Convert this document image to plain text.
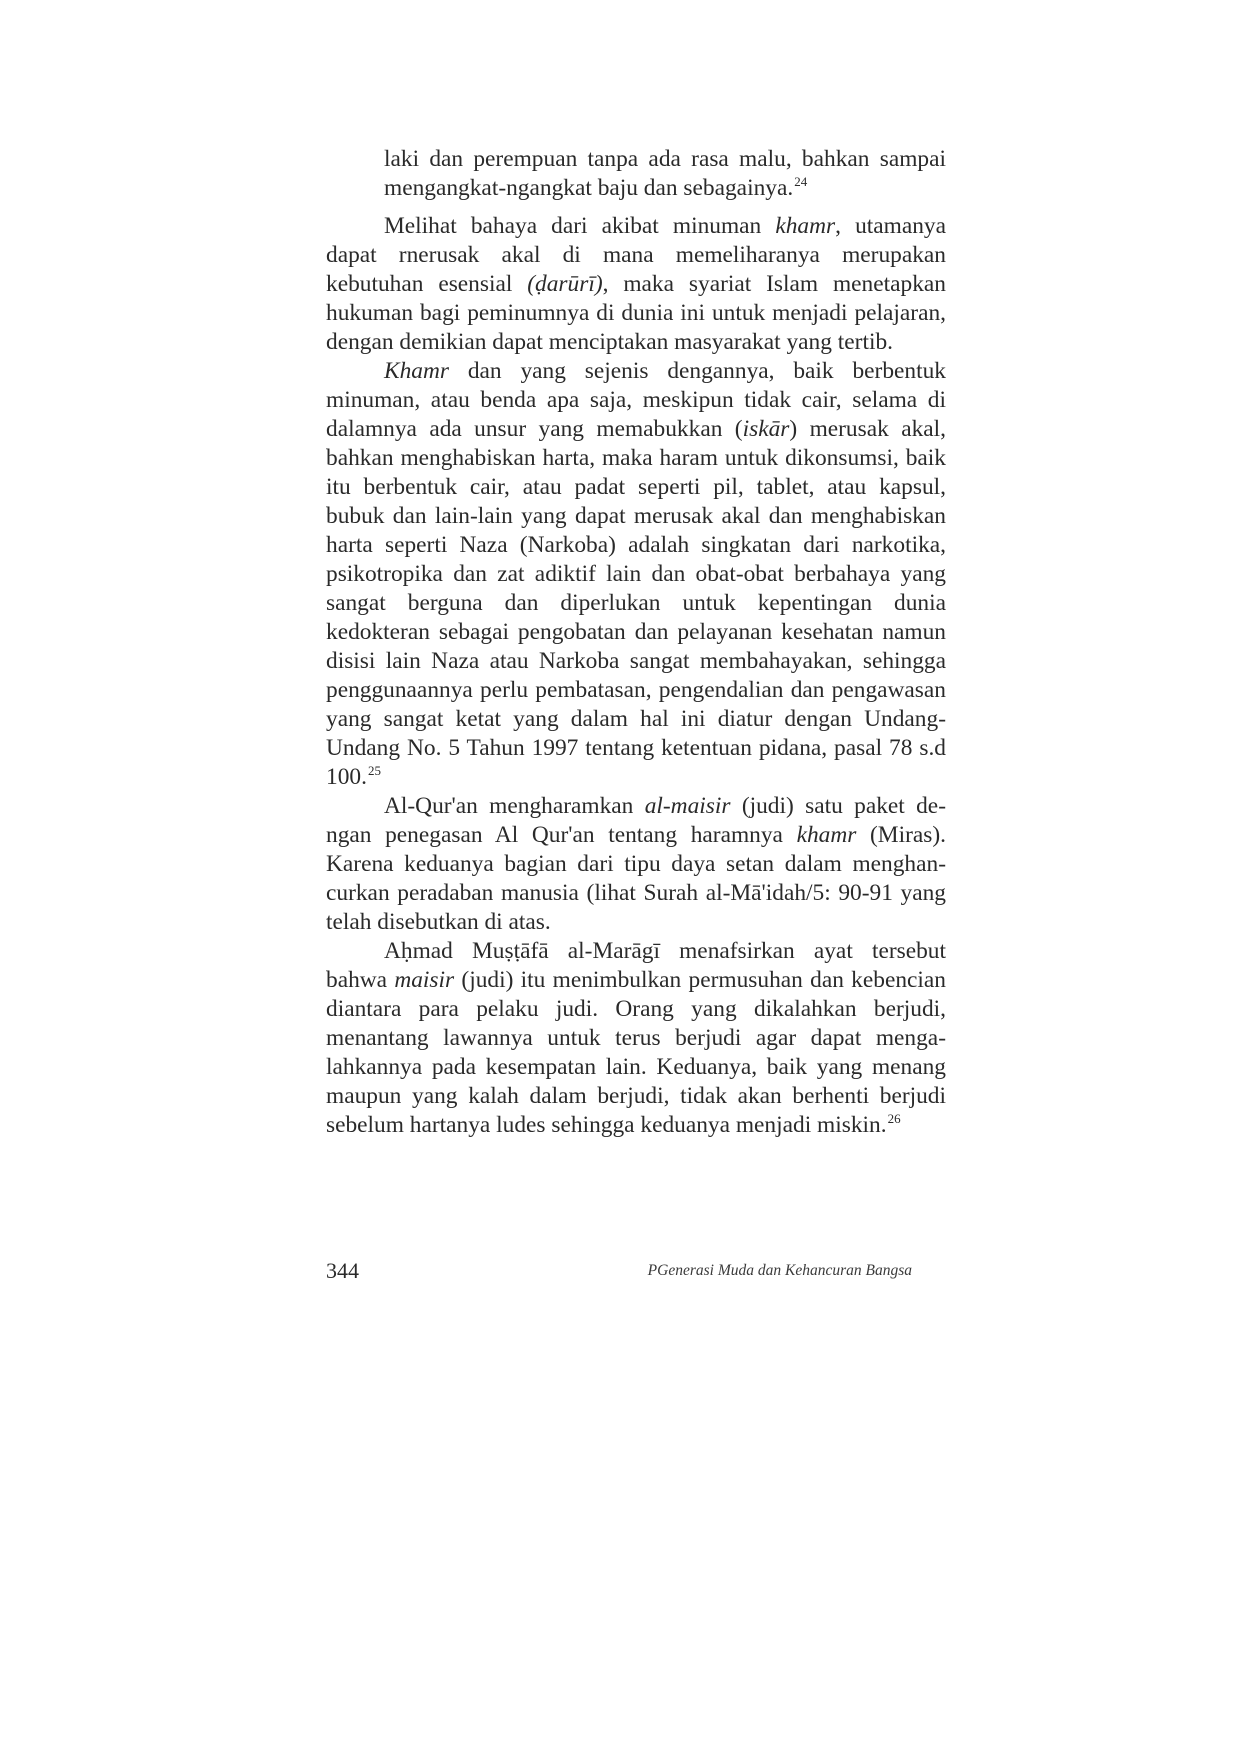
laki dan perempuan tanpa ada rasa malu, bahkan sampai mengangkat-ngangkat baju dan sebagainya.$^{24}$

Melihat bahaya dari akibat minuman khamr, utamanya dapat rnerusak akal di mana memeliharanya merupakan kebutuhan esensial (ḍarūrī), maka syariat Islam menetapkan hukuman bagi peminumnya di dunia ini untuk menjadi pelajaran, dengan demikian dapat menciptakan masyarakat yang tertib.

Khamr dan yang sejenis dengannya, baik berbentuk minuman, atau benda apa saja, meskipun tidak cair, selama di dalamnya ada unsur yang memabukkan (iskār) merusak akal, bahkan menghabiskan harta, maka haram untuk dikonsumsi, baik itu berbentuk cair, atau padat seperti pil, tablet, atau kapsul, bubuk dan lain-lain yang dapat merusak akal dan menghabiskan harta seperti Naza (Narkoba) adalah singkatan dari narkotika, psikotropika dan zat adiktif lain dan obat-obat berbahaya yang sangat berguna dan diperlukan untuk kepentingan dunia kedokteran sebagai pengobatan dan pelayanan kesehatan namun disisi lain Naza atau Narkoba sangat membahayakan, sehingga penggunaannya perlu pembatasan, pengendalian dan pengawasan yang sangat ketat yang dalam hal ini diatur dengan Undang-Undang No. 5 Tahun 1997 tentang ketentuan pidana, pasal 78 s.d 100.25

Al-Qur'an mengharamkan al-maisir (judi) satu paket dengan penegasan Al Qur'an tentang haramnya khamr (Miras). Karena keduanya bagian dari tipu daya setan dalam menghancurkan peradaban manusia (lihat Surah al-Mā'idah/5: 90-91 yang telah disebutkan di atas.

Aḥmad Muṣṭāfā al-Marāgī menafsirkan ayat tersebut bahwa maisir (judi) itu menimbulkan permusuhan dan kebencian diantara para pelaku judi. Orang yang dikalahkan berjudi, menantang lawannya untuk terus berjudi agar dapat mengalahkannya pada kesempatan lain. Keduanya, baik yang menang maupun yang kalah dalam berjudi, tidak akan berhenti berjudi sebelum hartanya ludes sehingga keduanya menjadi miskin.$^{26}$

344	PGenerasi Muda dan Kehancuran Bangsa
